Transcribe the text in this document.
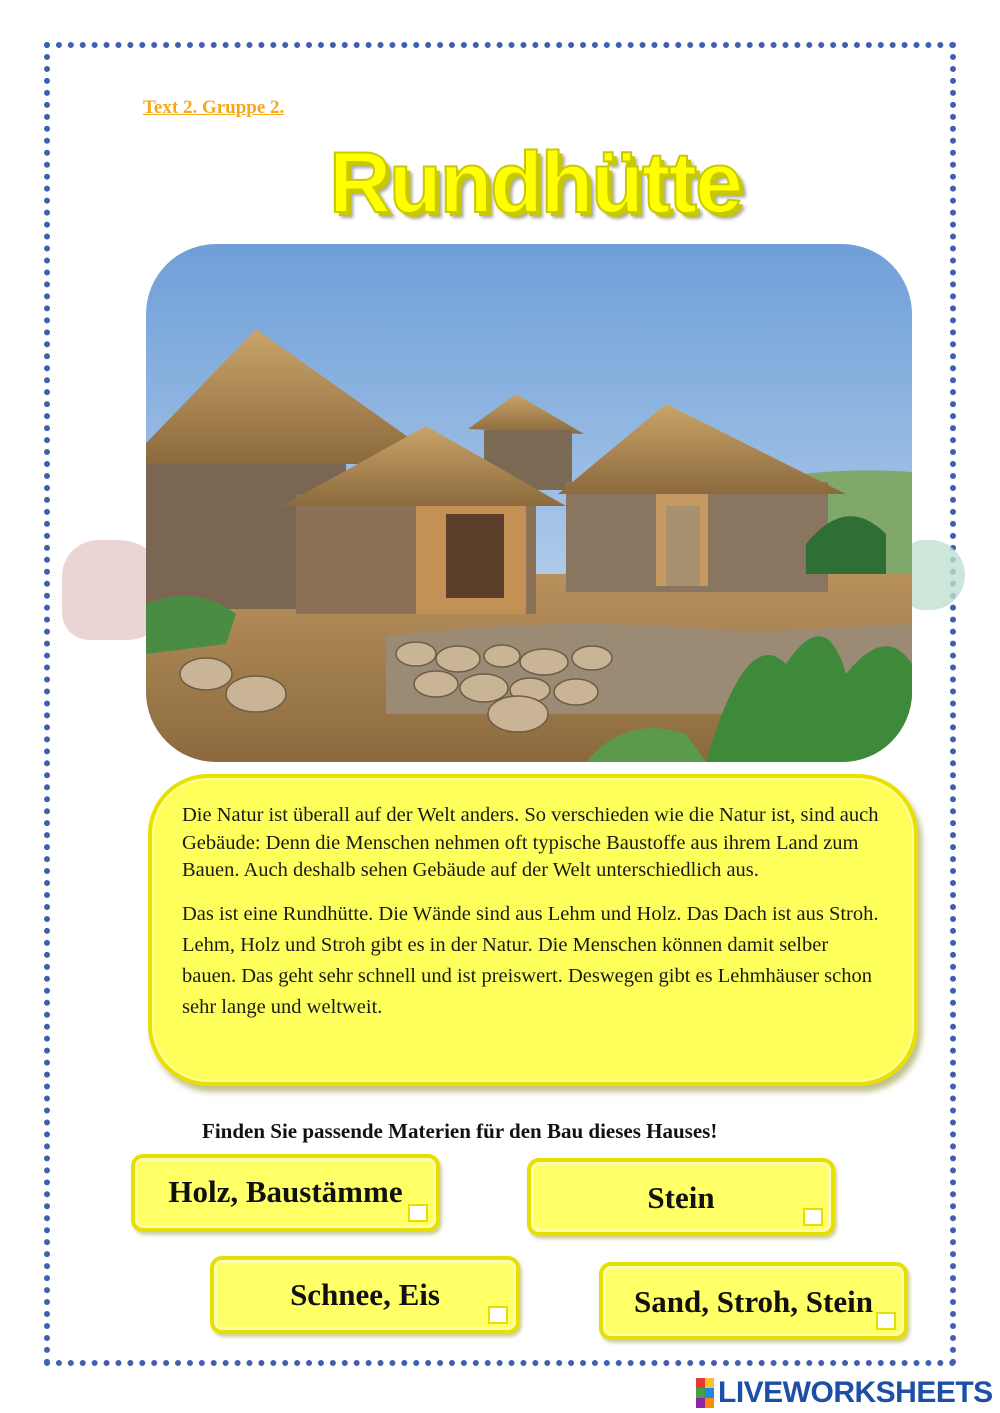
Text 2. Gruppe 2.
Rundhütte

Die Natur ist überall auf der Welt anders. So verschieden wie die Natur ist, sind auch Gebäude: Denn die Menschen nehmen oft typische Baustoffe aus ihrem Land zum Bauen. Auch deshalb sehen Gebäude auf der Welt unterschiedlich aus.

Das ist eine Rundhütte. Die Wände sind aus Lehm und Holz. Das Dach ist aus Stroh. Lehm, Holz und Stroh gibt es in der Natur. Die Menschen können damit selber bauen. Das geht sehr schnell und ist preiswert. Deswegen gibt es Lehmhäuser schon sehr lange und weltweit.

Finden Sie passende Materien für den Bau dieses Hauses!
Holz, Baustämme	Stein
Schnee, Eis	Sand, Stroh, Stein
LIVEWORKSHEETS
